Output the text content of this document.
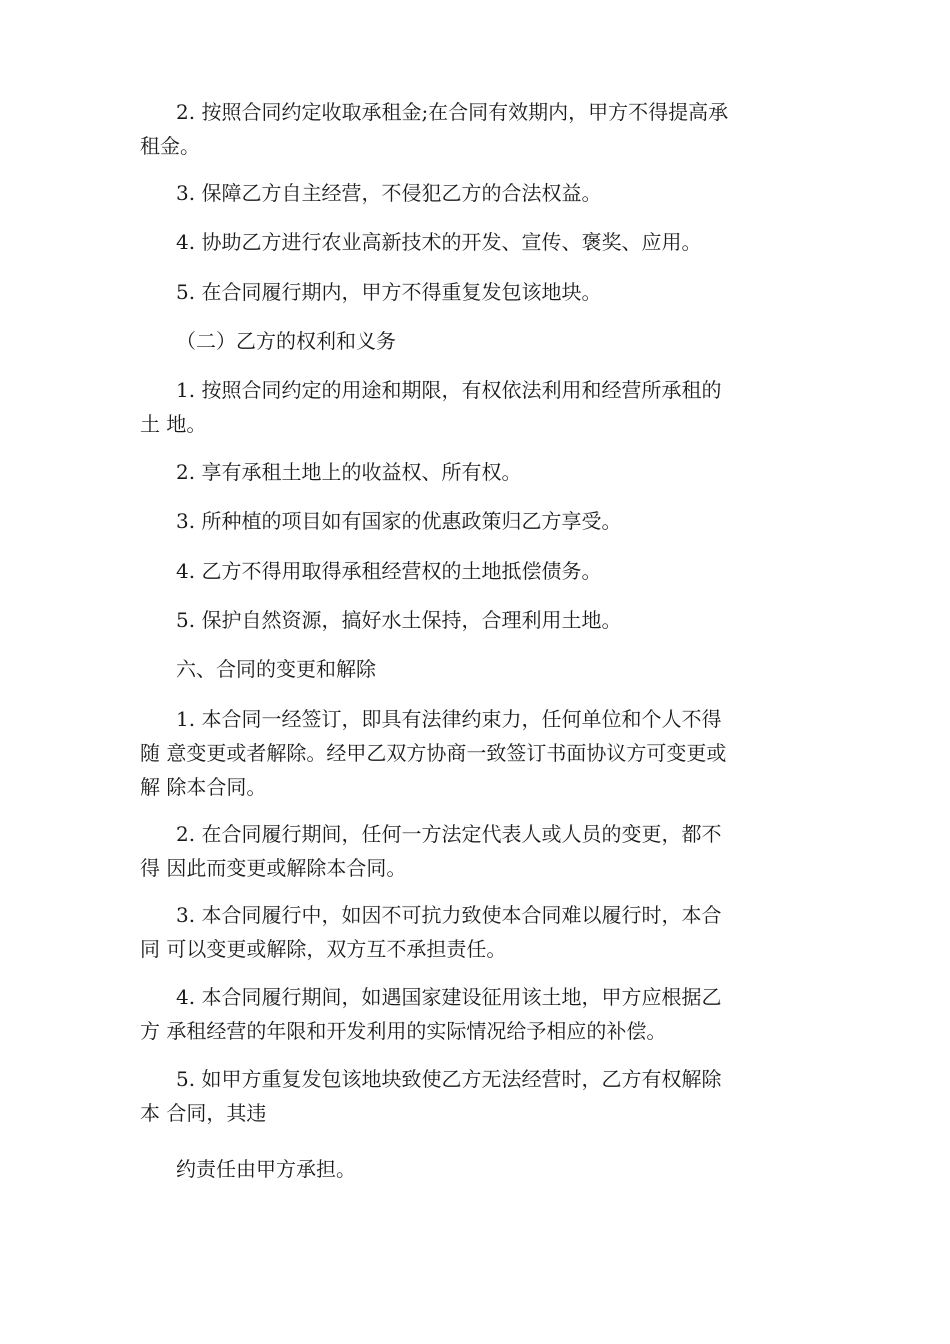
2. 按照合同约定收取承租金;在合同有效期内，甲方不得提高承
租金。
3. 保障乙方自主经营，不侵犯乙方的合法权益。
4. 协助乙方进行农业高新技术的开发、宣传、褒奖、应用。
5. 在合同履行期内，甲方不得重复发包该地块。
（二）乙方的权利和义务
1. 按照合同约定的用途和期限，有权依法利用和经营所承租的
土 地。
2. 享有承租土地上的收益权、所有权。
3. 所种植的项目如有国家的优惠政策归乙方享受。
4. 乙方不得用取得承租经营权的土地抵偿债务。
5. 保护自然资源，搞好水土保持，合理利用土地。
六、合同的变更和解除
1. 本合同一经签订，即具有法律约束力，任何单位和个人不得
随 意变更或者解除。经甲乙双方协商一致签订书面协议方可变更或
解 除本合同。
2. 在合同履行期间，任何一方法定代表人或人员的变更，都不
得 因此而变更或解除本合同。
3. 本合同履行中，如因不可抗力致使本合同难以履行时，本合
同 可以变更或解除，双方互不承担责任。
4. 本合同履行期间，如遇国家建设征用该土地，甲方应根据乙
方 承租经营的年限和开发利用的实际情况给予相应的补偿。
5. 如甲方重复发包该地块致使乙方无法经营时，乙方有权解除
本 合同，其违
约责任由甲方承担。
